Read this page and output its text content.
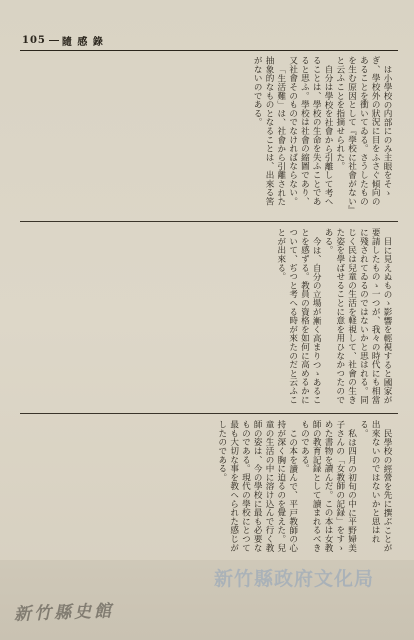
105 隨 感 錄

は小學校の内部にのみ主眼をそゝぎ、學校外の狀況に目をふさぐ傾向のあることを衝いてゐる。さうしたものを生む原因として『學校に社會がない』と云ふことを指摘せられた。

自分は學校を社會から引離して考へることは、學校の生命を失ふことであると思ふ。學校は社會の縮圖であり、又社會そのものでなければならない。

「生活難」は、社會から引離された抽象的なものとなることは、出來る筈がないのである。

目に見えぬものゝ影響を輕視すると國家が要請したものゝ一つが、我々の時代にも相當に殘されてゐるのではないかと思はれる。同じく民は兒童の生活を軽視して、社會の生きた姿を學ばせることに意を用ひなかつたのである。

今は、自分の立場が漸く高まりつゝあることを感ずる。教員の資格を如何に高めるかについて、ぢつと考へる時が來たのだと云ふことが出來る。

民學校の經營を先に撰ぶことが出來ないのではないかと思はれる。

私は四月の初旬の中に平野婦美子さんの「女教師の記録」をすゝめた書物を讀んだ。この本は女教師の教育記録として讀まれるべきものである。

この本を讀んで、平戸教師の心持が深く胸に迫るのを覺えた。兒童の生活の中に溶け込んで行く教師の姿は、今の學校に最も必要なものである。現代の學校にとつて最も大切な事を教へられた感じがしたのである。

新竹縣史館
新竹縣政府文化局
